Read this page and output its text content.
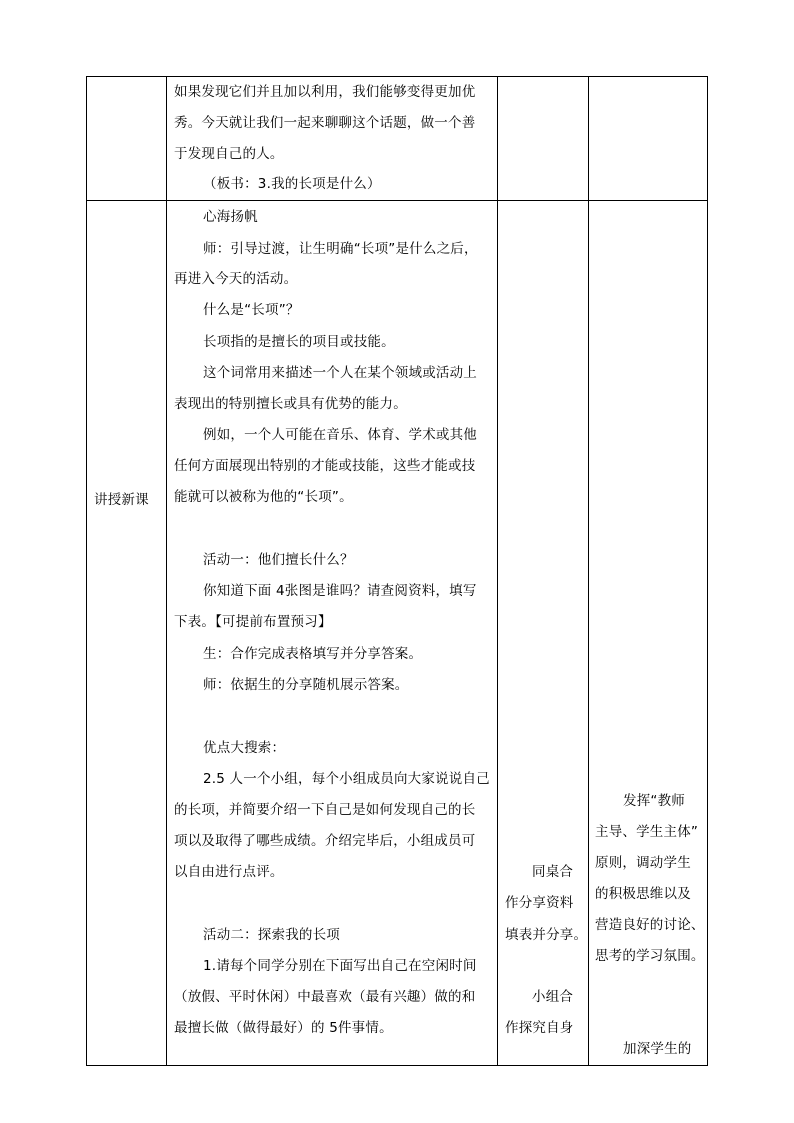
如果发现它们并且加以利用，我们能够变得更加优
秀。今天就让我们一起来聊聊这个话题，做一个善
于发现自己的人。
（板书：3.我的长项是什么）
讲授新课
心海扬帆
师：引导过渡，让生明确“长项”是什么之后，
再进入今天的活动。
什么是“长项”？
长项指的是擅长的项目或技能。
这个词常用来描述一个人在某个领域或活动上
表现出的特别擅长或具有优势的能力。
例如，一个人可能在音乐、体育、学术或其他
任何方面展现出特别的才能或技能，这些才能或技
能就可以被称为他的“长项”。
活动一：他们擅长什么？
你知道下面 4张图是谁吗？请查阅资料，填写
下表。【可提前布置预习】
生：合作完成表格填写并分享答案。
师：依据生的分享随机展示答案。
优点大搜索：
2.5 人一个小组，每个小组成员向大家说说自己
的长项，并简要介绍一下自己是如何发现自己的长
项以及取得了哪些成绩。介绍完毕后，小组成员可
以自由进行点评。
活动二：探索我的长项
1.请每个同学分别在下面写出自己在空闲时间
（放假、平时休闲）中最喜欢（最有兴趣）做的和
最擅长做（做得最好）的 5件事情。
同桌合
作分享资料
填表并分享。
小组合
作探究自身
发挥“教师
主导、学生主体”
原则，调动学生
的积极思维以及
营造良好的讨论、
思考的学习氛围。
加深学生的
